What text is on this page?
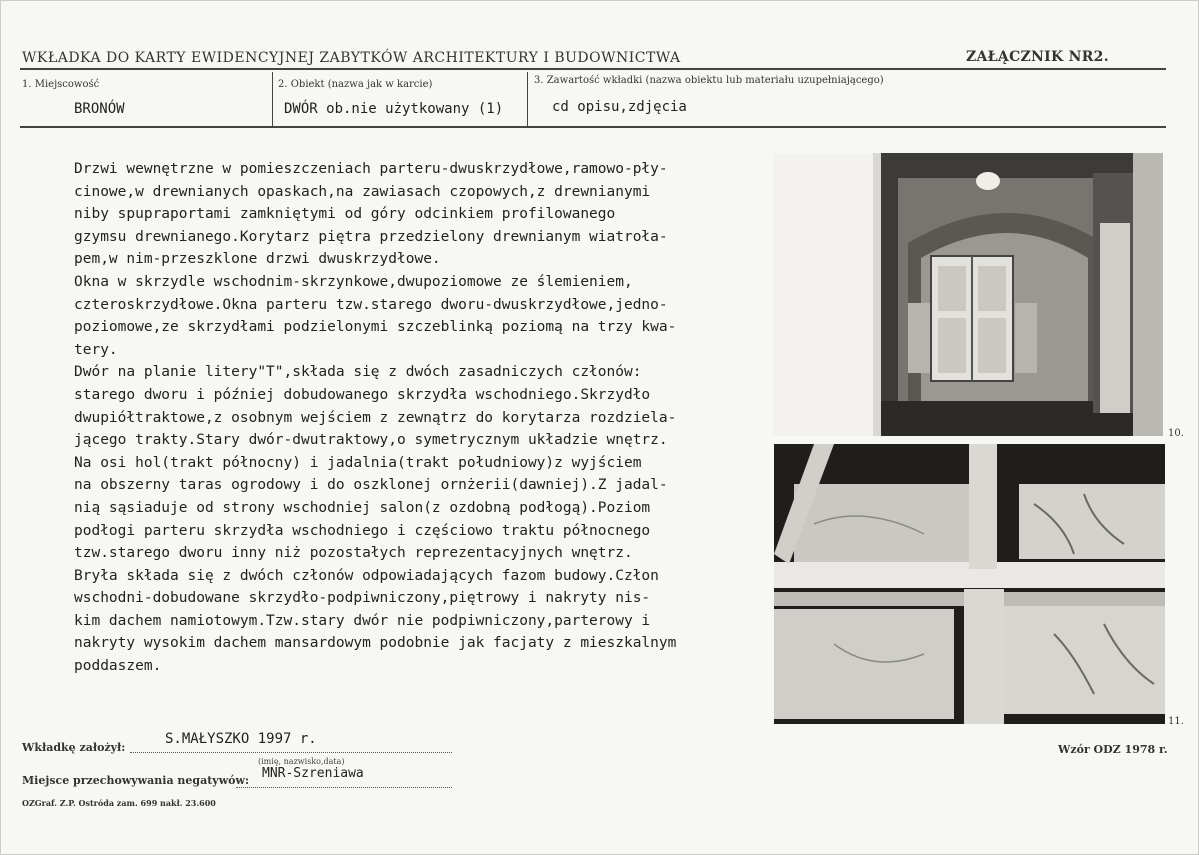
WKŁADKA DO KARTY EWIDENCYJNEJ ZABYTKÓW ARCHITEKTURY I BUDOWNICTWA	ZAŁĄCZNIK NR2.
1. Miejscowość
BRONÓW
2. Obiekt (nazwa jak w karcie)
DWÓR ob.nie użytkowany (1)
3. Zawartość wkładki (nazwa obiektu lub materiału uzupełniającego)
cd opisu,zdjęcia
Drzwi wewnętrzne w pomieszczeniach parteru-dwuskrzydłowe,ramowo-pły-
cinowe,w drewnianych opaskach,na zawiasach czopowych,z drewnianymi
niby spupraportami zamkniętymi od góry odcinkiem profilowanego
gzymsu drewnianego.Korytarz piętra przedzielony drewnianym wiatroła-
pem,w nim-przeszklone drzwi dwuskrzydłowe.
Okna w skrzydle wschodnim-skrzynkowe,dwupoziomowe ze ślemieniem,
czteroskrzydłowe.Okna parteru tzw.starego dworu-dwuskrzydłowe,jedno-
poziomowe,ze skrzydłami podzielonymi szczeblinką poziomą na trzy kwa-
tery.
Dwór na planie litery"T",składa się z dwóch zasadniczych członów:
starego dworu i później dobudowanego skrzydła wschodniego.Skrzydło
dwupiółtraktowe,z osobnym wejściem z zewnątrz do korytarza rozdziela-
jącego trakty.Stary dwór-dwutraktowy,o symetrycznym układzie wnętrz.
Na osi hol(trakt północny) i jadalnia(trakt południowy)z wyjściem
na obszerny taras ogrodowy i do oszklonej ornżerii(dawniej).Z jadal-
nią sąsiaduje od strony wschodniej salon(z ozdobną podłogą).Poziom
podłogi parteru skrzydła wschodniego i częściowo traktu północnego
tzw.starego dworu inny niż pozostałych reprezentacyjnych wnętrz.
Bryła składa się z dwóch członów odpowiadających fazom budowy.Człon
wschodni-dobudowane skrzydło-podpiwniczony,piętrowy i nakryty nis-
kim dachem namiotowym.Tzw.stary dwór nie podpiwniczony,parterowy i
nakryty wysokim dachem mansardowym podobnie jak facjaty z mieszkalnym
poddaszem.
10.
11.
Wkładkę założył:
S.MAŁYSZKO 1997 r.
(imię, nazwisko,data)
Miejsce przechowywania negatywów: MNR-Szreniawa
OZGraf. Z.P. Ostróda zam. 699 nakł. 23.600
Wzór ODZ 1978 r.
